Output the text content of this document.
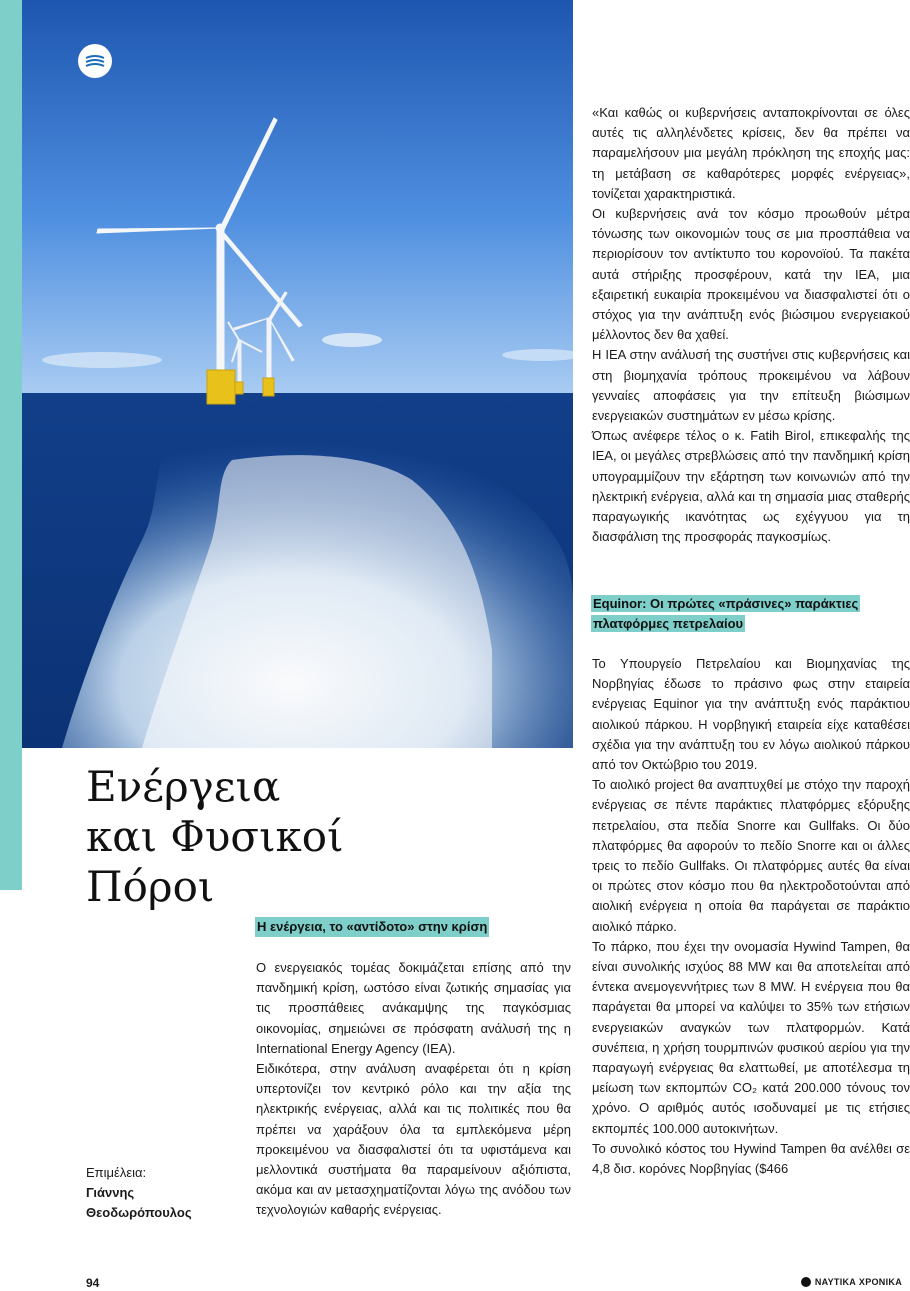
Ενέργεια
και Φυσικοί
Πόροι
Επιμέλεια:
Γιάννης
Θεοδωρόπουλος
Η ενέργεια, το «αντίδοτο» στην κρίση

Ο ενεργειακός τομέας δοκιμάζεται επίσης από την πανδημική κρίση, ωστόσο είναι ζωτικής σημασίας για τις προσπάθειες ανάκαμψης της παγκόσμιας οικονομίας, σημειώνει σε πρόσφατη ανάλυσή της η International Energy Agency (IEA).

Ειδικότερα, στην ανάλυση αναφέρεται ότι η κρίση υπερτονίζει τον κεντρικό ρόλο και την αξία της ηλεκτρικής ενέργειας, αλλά και τις πολιτικές που θα πρέπει να χαράξουν όλα τα εμπλεκόμενα μέρη προκειμένου να διασφαλιστεί ότι τα υφιστάμενα και μελλοντικά συστήματα θα παραμείνουν αξιόπιστα, ακόμα και αν μετασχηματίζονται λόγω της ανόδου των τεχνολογιών καθαρής ενέργειας.

«Και καθώς οι κυβερνήσεις ανταποκρίνονται σε όλες αυτές τις αλληλένδετες κρίσεις, δεν θα πρέπει να παραμελήσουν μια μεγάλη πρόκληση της εποχής μας: τη μετάβαση σε καθαρότερες μορφές ενέργειας», τονίζεται χαρακτηριστικά.

Οι κυβερνήσεις ανά τον κόσμο προωθούν μέτρα τόνωσης των οικονομιών τους σε μια προσπάθεια να περιορίσουν τον αντίκτυπο του κορονοϊού. Τα πακέτα αυτά στήριξης προσφέρουν, κατά την IEA, μια εξαιρετική ευκαιρία προκειμένου να διασφαλιστεί ότι ο στόχος για την ανάπτυξη ενός βιώσιμου ενεργειακού μέλλοντος δεν θα χαθεί.

Η IEA στην ανάλυσή της συστήνει στις κυβερνήσεις και στη βιομηχανία τρόπους προκειμένου να λάβουν γενναίες αποφάσεις για την επίτευξη βιώσιμων ενεργειακών συστημάτων εν μέσω κρίσης.

Όπως ανέφερε τέλος ο κ. Fatih Birol, επικεφαλής της IEA, οι μεγάλες στρεβλώσεις από την πανδημική κρίση υπογραμμίζουν την εξάρτηση των κοινωνιών από την ηλεκτρική ενέργεια, αλλά και τη σημασία μιας σταθερής παραγωγικής ικανότητας ως εχέγγυου για τη διασφάλιση της προσφοράς παγκοσμίως.

Equinor: Οι πρώτες «πράσινες» παράκτιες πλατφόρμες πετρελαίου

Το Υπουργείο Πετρελαίου και Βιομηχανίας της Νορβηγίας έδωσε το πράσινο φως στην εταιρεία ενέργειας Equinor για την ανάπτυξη ενός παράκτιου αιολικού πάρκου. Η νορβηγική εταιρεία είχε καταθέσει σχέδια για την ανάπτυξη του εν λόγω αιολικού πάρκου από τον Οκτώβριο του 2019.

Το αιολικό project θα αναπτυχθεί με στόχο την παροχή ενέργειας σε πέντε παράκτιες πλατφόρμες εξόρυξης πετρελαίου, στα πεδία Snorre και Gullfaks. Οι δύο πλατφόρμες θα αφορούν το πεδίο Snorre και οι άλλες τρεις το πεδίο Gullfaks. Οι πλατφόρμες αυτές θα είναι οι πρώτες στον κόσμο που θα ηλεκτροδοτούνται από αιολική ενέργεια η οποία θα παράγεται σε παράκτιο αιολικό πάρκο.

Το πάρκο, που έχει την ονομασία Hywind Tampen, θα είναι συνολικής ισχύος 88 MW και θα αποτελείται από έντεκα ανεμογεννήτριες των 8 MW. Η ενέργεια που θα παράγεται θα μπορεί να καλύψει το 35% των ετήσιων ενεργειακών αναγκών των πλατφορμών. Κατά συνέπεια, η χρήση τουρμπινών φυσικού αερίου για την παραγωγή ενέργειας θα ελαττωθεί, με αποτέλεσμα τη μείωση των εκπομπών CO₂ κατά 200.000 τόνους τον χρόνο. Ο αριθμός αυτός ισοδυναμεί με τις ετήσιες εκπομπές 100.000 αυτοκινήτων.

Το συνολικό κόστος του Hywind Tampen θα ανέλθει σε 4,8 δισ. κορόνες Νορβηγίας ($466

94	ΝΑΥΤΙΚΑ ΧΡΟΝΙΚΑ
